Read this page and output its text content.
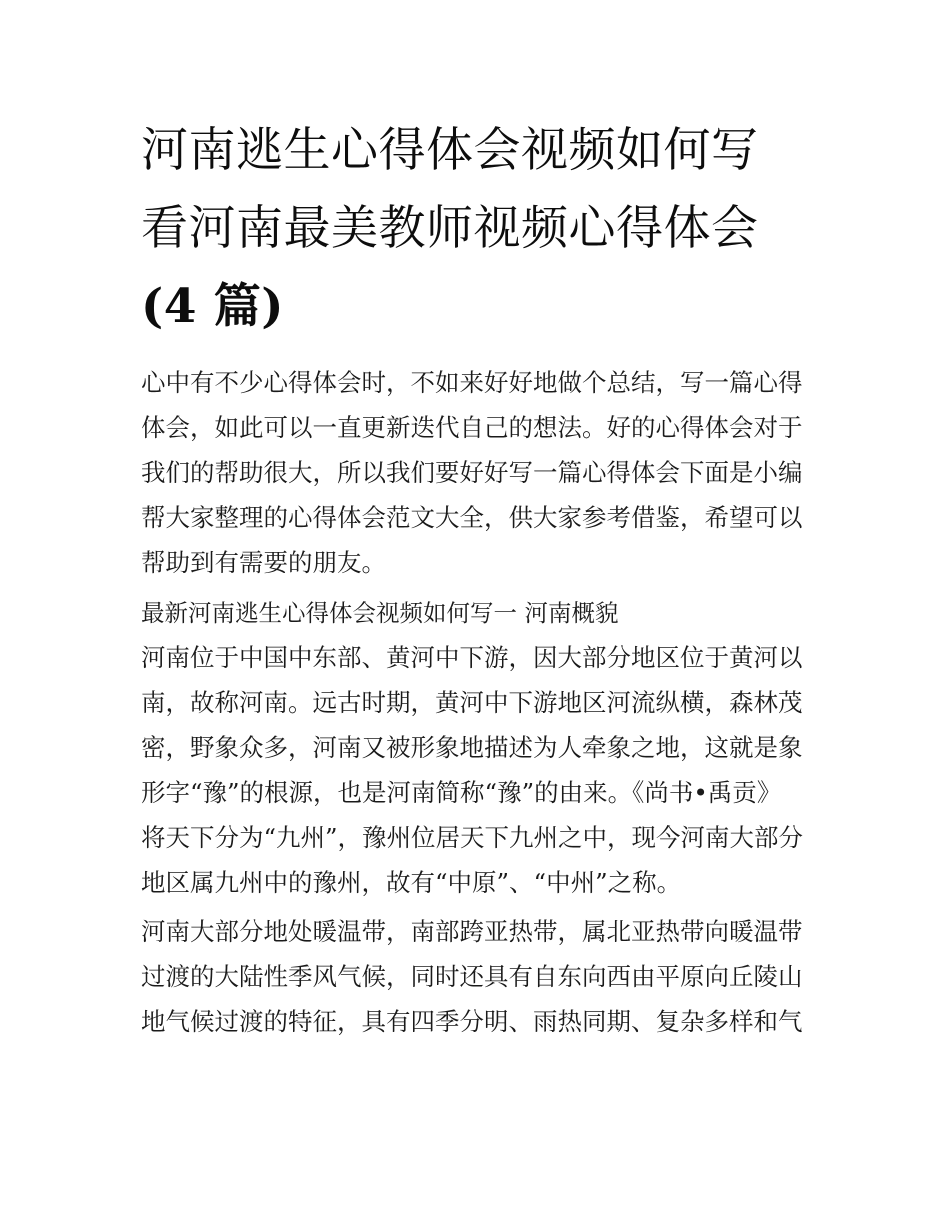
河南逃生心得体会视频如何写
看河南最美教师视频心得体会
(4 篇)
心中有不少心得体会时，不如来好好地做个总结，写一篇心得
体会，如此可以一直更新迭代自己的想法。好的心得体会对于
我们的帮助很大，所以我们要好好写一篇心得体会下面是小编
帮大家整理的心得体会范文大全，供大家参考借鉴，希望可以
帮助到有需要的朋友。
最新河南逃生心得体会视频如何写一 河南概貌
河南位于中国中东部、黄河中下游，因大部分地区位于黄河以
南，故称河南。远古时期，黄河中下游地区河流纵横，森林茂
密，野象众多，河南又被形象地描述为人牵象之地，这就是象
形字“豫”的根源，也是河南简称“豫”的由来。《尚书•禹贡》
将天下分为“九州”，豫州位居天下九州之中，现今河南大部分
地区属九州中的豫州，故有“中原”、“中州”之称。
河南大部分地处暖温带，南部跨亚热带，属北亚热带向暖温带
过渡的大陆性季风气候，同时还具有自东向西由平原向丘陵山
地气候过渡的特征，具有四季分明、雨热同期、复杂多样和气
